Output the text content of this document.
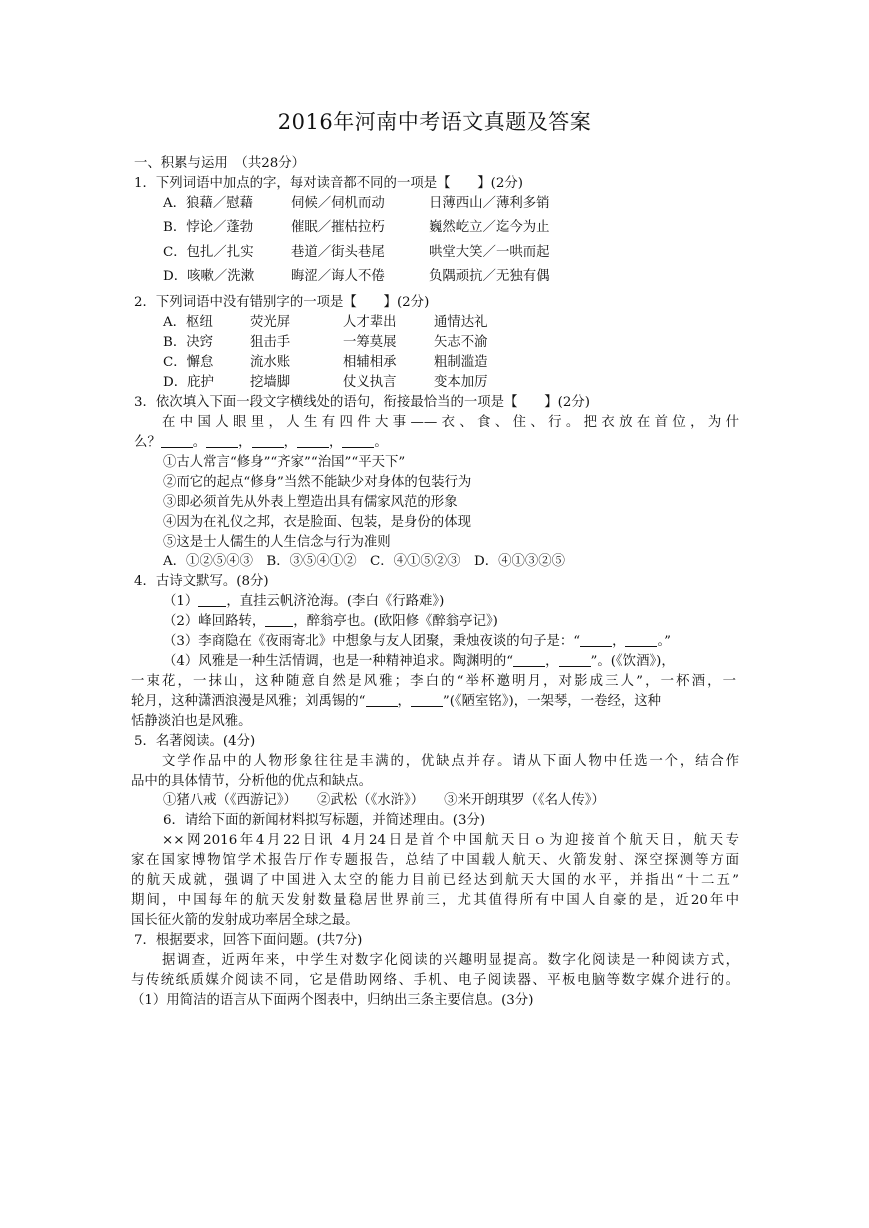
2016年河南中考语文真题及答案
一、积累与运用　（共28分）
1．下列词语中加点的字，每对读音都不同的一项是【　　】(2分)
A．狼藉／慰藉	伺候／伺机而动	日薄西山／薄利多销
B．悖论／蓬勃	催眠／摧枯拉朽	巍然屹立／迄今为止
C．包扎／扎实	巷道／街头巷尾	哄堂大笑／一哄而起
D．咳嗽／洗漱	晦涩／诲人不倦	负隅顽抗／无独有偶
2．下列词语中没有错别字的一项是【　　】(2分)
A．枢纽	荧光屏	人才辈出	通情达礼
B．决窍	狙击手	一筹莫展	矢志不渝
C．懈怠	流水账	相辅相承	粗制滥造
D．庇护	挖墙脚	仗义执言	变本加厉
3．依次填入下面一段文字横线处的语句，衔接最恰当的一项是【　　】(2分)
在中国人眼里，人生有四件大事——衣、食、住、行。把衣放在首位，为什
么？ 。 ， ， ， 。
①古人常言“修身”“齐家”“治国”“平天下”
②而它的起点“修身”当然不能缺少对身体的包装行为
③即必须首先从外表上塑造出具有儒家风范的形象
④因为在礼仪之邦，衣是脸面、包装，是身份的体现
⑤这是士人儒生的人生信念与行为准则
A．①②⑤④③　B．③⑤④①②　C．④①⑤②③　D．④①③②⑤
4．古诗文默写。(8分)
（1） ，直挂云帆济沧海。(李白《行路难》)
（2）峰回路转， ，醉翁亭也。(欧阳修《醉翁亭记》)
（3）李商隐在《夜雨寄北》中想象与友人团聚，秉烛夜谈的句子是：“ ， 。”
（4）风雅是一种生活情调，也是一种精神追求。陶渊明的“ ， ”。(《饮酒》)，
一束花，一抹山，这种随意自然是风雅；李白的“举杯邀明月，对影成三人”，一杯酒，一
轮月，这种潇洒浪漫是风雅；刘禹锡的“ ， ”(《陋室铭》)，一架琴，一卷经，这种
恬静淡泊也是风雅。
5．名著阅读。(4分)
文学作品中的人物形象往往是丰满的，优缺点并存。请从下面人物中任选一个，结合作
品中的具体情节，分析他的优点和缺点。
①猪八戒（《西游记》）　　②武松（《水浒》）　　③米开朗琪罗（《名人传》）
6．请给下面的新闻材料拟写标题，并简述理由。(3分)
××网2016年4月22日讯 4月24日是首个中国航天日ｏ为迎接首个航天日，航天专
家在国家博物馆学术报告厅作专题报告，总结了中国载人航天、火箭发射、深空探测等方面
的航天成就，强调了中国进入太空的能力目前已经达到航天大国的水平，并指出“十二五”
期间，中国每年的航天发射数量稳居世界前三，尤其值得所有中国人自豪的是，近20年中
国长征火箭的发射成功率居全球之最。
7．根据要求，回答下面问题。(共7分)
据调查，近两年来，中学生对数字化阅读的兴趣明显提高。数字化阅读是一种阅读方式，
与传统纸质媒介阅读不同，它是借助网络、手机、电子阅读器、平板电脑等数字媒介进行的。
（1）用简洁的语言从下面两个图表中，归纳出三条主要信息。(3分)
